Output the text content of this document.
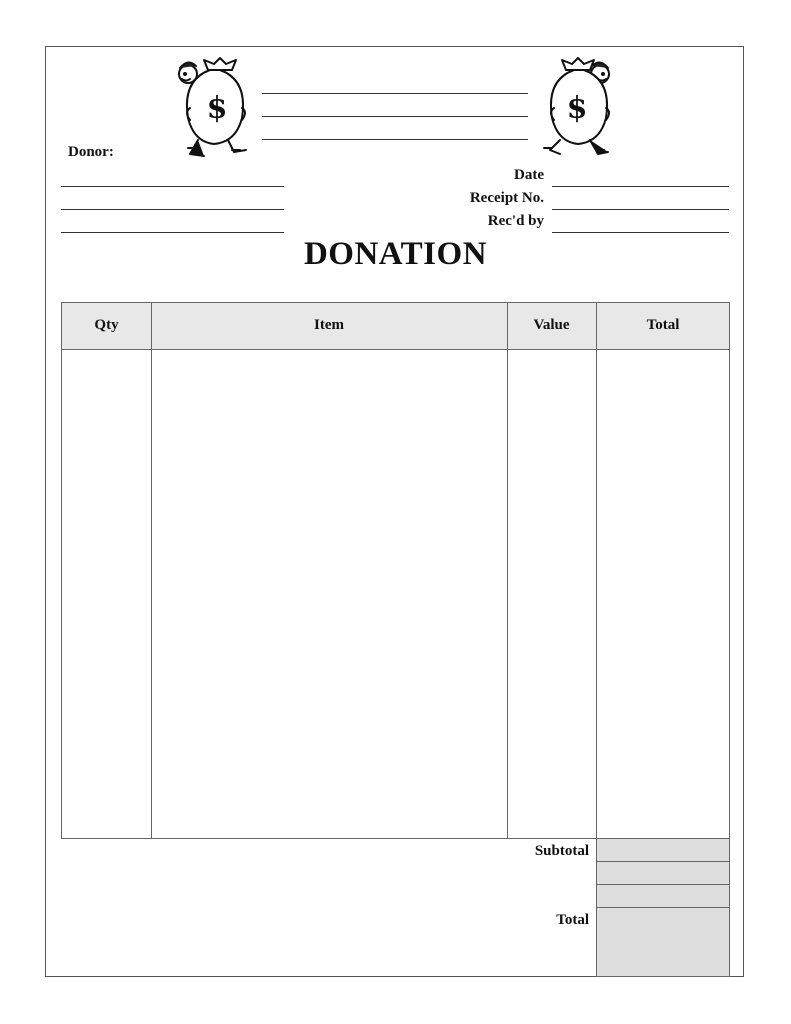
$	$
Donor:
Date
Receipt No.
Rec'd by
DONATION
Qty	Item	Value	Total
Subtotal
Total
